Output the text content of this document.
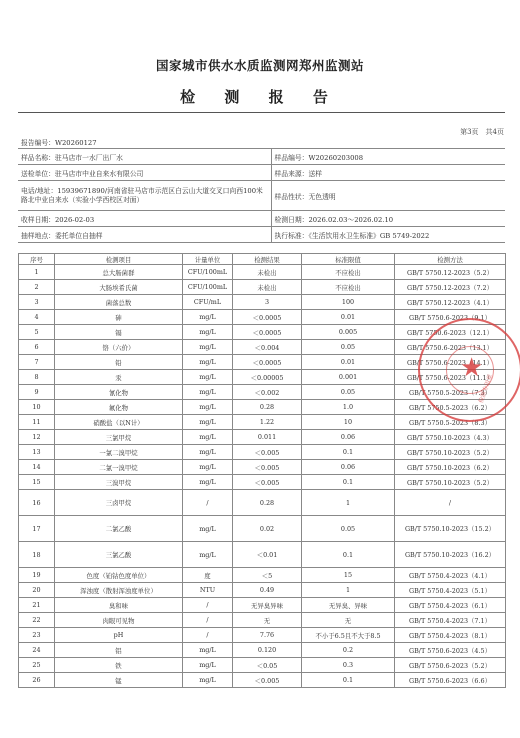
国家城市供水水质监测网郑州监测站
检 测 报 告
第3页　共4页
报告编号：W20260127	
样品名称：驻马店市一水厂出厂水	样品编号：W20260203008
送检单位：驻马店市中业自来水有限公司	样品来源：送样
电话/地址：15939671890/河南省驻马店市示范区白云山大道交叉口向西100米路北中业自来水（实验小学西校区对面）	样品性状：无色透明
收样日期：2026-02-03	检测日期：2026.02.03～2026.02.10
抽样地点：委托单位自抽样	执行标准：《生活饮用水卫生标准》GB 5749-2022
序号	检测项目	计量单位	检测结果	标准限值	检测方法
1	总大肠菌群	CFU/100mL	未检出	不应检出	GB/T 5750.12-2023（5.2）
2	大肠埃希氏菌	CFU/100mL	未检出	不应检出	GB/T 5750.12-2023（7.2）
3	菌落总数	CFU/mL	3	100	GB/T 5750.12-2023（4.1）
4	砷	mg/L	＜0.0005	0.01	GB/T 5750.6-2023（9.1）
5	镉	mg/L	＜0.0005	0.005	GB/T 5750.6-2023（12.1）
6	铬（六价）	mg/L	＜0.004	0.05	GB/T 5750.6-2023（13.1）
7	铅	mg/L	＜0.0005	0.01	GB/T 5750.6-2023（14.1）
8	汞	mg/L	＜0.00005	0.001	GB/T 5750.6-2023（11.1）
9	氰化物	mg/L	＜0.002	0.05	GB/T 5750.5-2023（7.3）
10	氟化物	mg/L	0.28	1.0	GB/T 5750.5-2023（6.2）
11	硝酸盐（以N计）	mg/L	1.22	10	GB/T 5750.5-2023（8.3）
12	三氯甲烷	mg/L	0.011	0.06	GB/T 5750.10-2023（4.3）
13	一氯二溴甲烷	mg/L	＜0.005	0.1	GB/T 5750.10-2023（5.2）
14	二氯一溴甲烷	mg/L	＜0.005	0.06	GB/T 5750.10-2023（6.2）
15	三溴甲烷	mg/L	＜0.005	0.1	GB/T 5750.10-2023（5.2）
16	三卤甲烷	/	0.28	1	/
17	二氯乙酸	mg/L	0.02	0.05	GB/T 5750.10-2023（15.2）
18	三氯乙酸	mg/L	＜0.01	0.1	GB/T 5750.10-2023（16.2）
19	色度（铂钴色度单位）	度	＜5	15	GB/T 5750.4-2023（4.1）
20	浑浊度（散射浑浊度单位）	NTU	0.49	1	GB/T 5750.4-2023（5.1）
21	臭和味	/	无异臭异味	无异臭、异味	GB/T 5750.4-2023（6.1）
22	肉眼可见物	/	无	无	GB/T 5750.4-2023（7.1）
23	pH	/	7.76	不小于6.5且不大于8.5	GB/T 5750.4-2023（8.1）
24	铝	mg/L	0.120	0.2	GB/T 5750.6-2023（4.5）
25	铁	mg/L	＜0.05	0.3	GB/T 5750.6-2023（5.2）
26	锰	mg/L	＜0.005	0.1	GB/T 5750.6-2023（6.6）
★
检测专用章
